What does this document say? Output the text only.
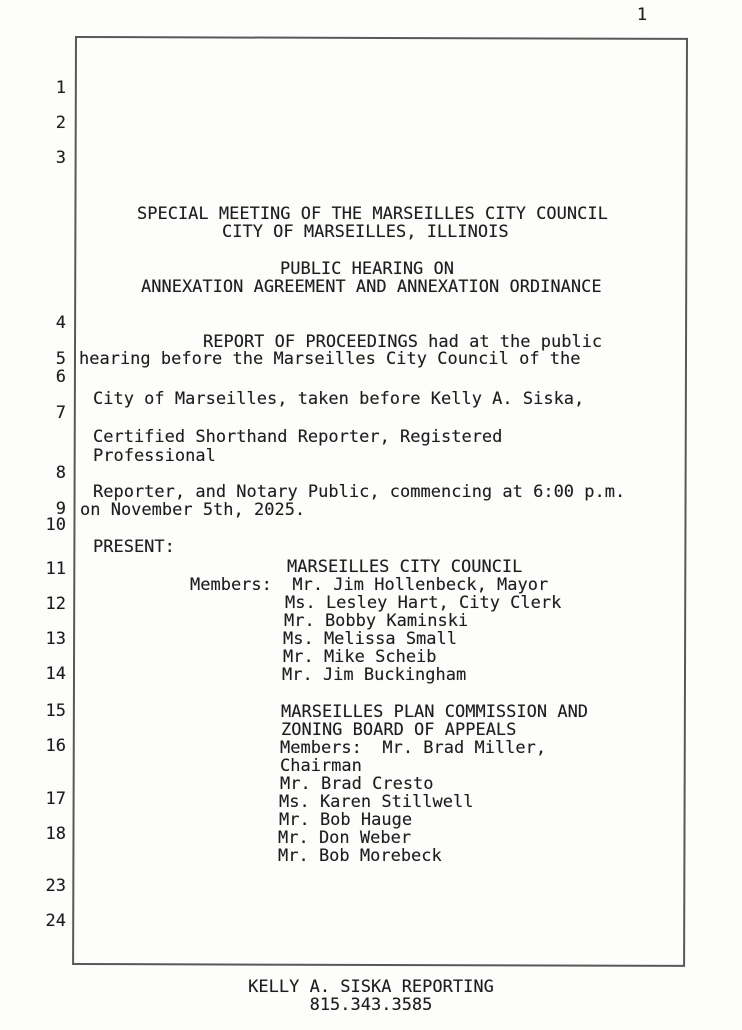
1
1
2
3
4
5
6
7
8
9
10
11
12
13
14
15
16
17
18
23
24
SPECIAL MEETING OF THE MARSEILLES CITY COUNCIL
CITY OF MARSEILLES, ILLINOIS
PUBLIC HEARING ON
ANNEXATION AGREEMENT AND ANNEXATION ORDINANCE
REPORT OF PROCEEDINGS had at the public
hearing before the Marseilles City Council of the
City of Marseilles, taken before Kelly A. Siska,
Certified Shorthand Reporter, Registered
Professional
Reporter, and Notary Public, commencing at 6:00 p.m.
on November 5th, 2025.
PRESENT:
MARSEILLES CITY COUNCIL
Members:  Mr. Jim Hollenbeck, Mayor
Ms. Lesley Hart, City Clerk
Mr. Bobby Kaminski
Ms. Melissa Small
Mr. Mike Scheib
Mr. Jim Buckingham
MARSEILLES PLAN COMMISSION AND
ZONING BOARD OF APPEALS
Members:  Mr. Brad Miller,
Chairman
Mr. Brad Cresto
Ms. Karen Stillwell
Mr. Bob Hauge
Mr. Don Weber
Mr. Bob Morebeck
KELLY A. SISKA REPORTING
815.343.3585
